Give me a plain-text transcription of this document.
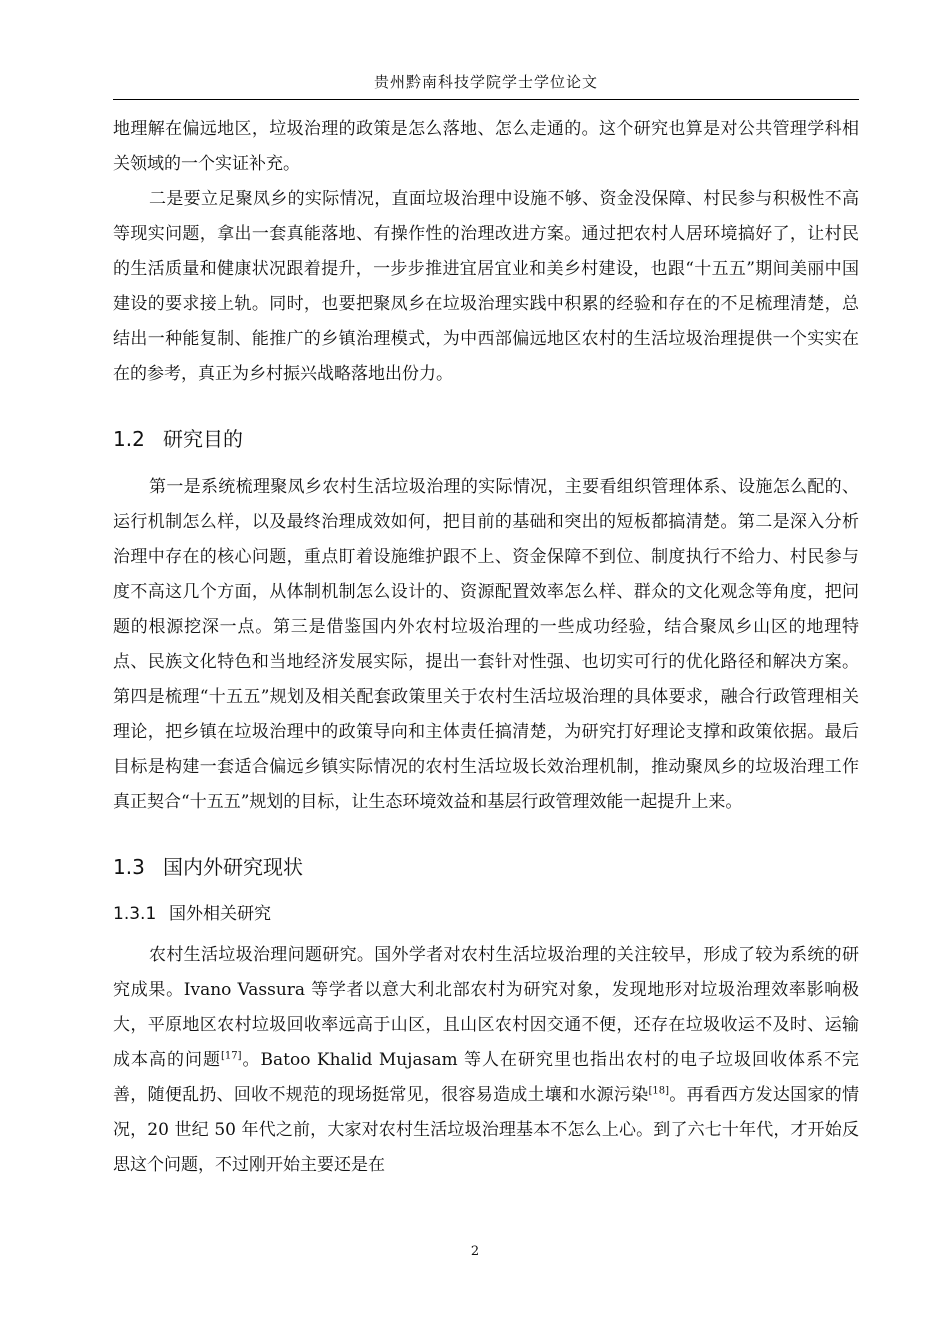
贵州黔南科技学院学士学位论文

地理解在偏远地区，垃圾治理的政策是怎么落地、怎么走通的。这个研究也算是对公共管理学科相关领域的一个实证补充。

二是要立足聚凤乡的实际情况，直面垃圾治理中设施不够、资金没保障、村民参与积极性不高等现实问题，拿出一套真能落地、有操作性的治理改进方案。通过把农村人居环境搞好了，让村民的生活质量和健康状况跟着提升，一步步推进宜居宜业和美乡村建设，也跟“十五五”期间美丽中国建设的要求接上轨。同时，也要把聚凤乡在垃圾治理实践中积累的经验和存在的不足梳理清楚，总结出一种能复制、能推广的乡镇治理模式，为中西部偏远地区农村的生活垃圾治理提供一个实实在在的参考，真正为乡村振兴战略落地出份力。

1.2 研究目的

第一是系统梳理聚凤乡农村生活垃圾治理的实际情况，主要看组织管理体系、设施怎么配的、运行机制怎么样，以及最终治理成效如何，把目前的基础和突出的短板都搞清楚。第二是深入分析治理中存在的核心问题，重点盯着设施维护跟不上、资金保障不到位、制度执行不给力、村民参与度不高这几个方面，从体制机制怎么设计的、资源配置效率怎么样、群众的文化观念等角度，把问题的根源挖深一点。第三是借鉴国内外农村垃圾治理的一些成功经验，结合聚凤乡山区的地理特点、民族文化特色和当地经济发展实际，提出一套针对性强、也切实可行的优化路径和解决方案。第四是梳理“十五五”规划及相关配套政策里关于农村生活垃圾治理的具体要求，融合行政管理相关理论，把乡镇在垃圾治理中的政策导向和主体责任搞清楚，为研究打好理论支撑和政策依据。最后目标是构建一套适合偏远乡镇实际情况的农村生活垃圾长效治理机制，推动聚凤乡的垃圾治理工作真正契合“十五五”规划的目标，让生态环境效益和基层行政管理效能一起提升上来。

1.3 国内外研究现状
1.3.1 国外相关研究

农村生活垃圾治理问题研究。国外学者对农村生活垃圾治理的关注较早，形成了较为系统的研究成果。Ivano Vassura 等学者以意大利北部农村为研究对象，发现地形对垃圾治理效率影响极大，平原地区农村垃圾回收率远高于山区，且山区农村因交通不便，还存在垃圾收运不及时、运输成本高的问题[17]。Batoo Khalid Mujasam 等人在研究里也指出农村的电子垃圾回收体系不完善，随便乱扔、回收不规范的现场挺常见，很容易造成土壤和水源污染[18]。再看西方发达国家的情况，20 世纪 50 年代之前，大家对农村生活垃圾治理基本不怎么上心。到了六七十年代，才开始反思这个问题，不过刚开始主要还是在

2
